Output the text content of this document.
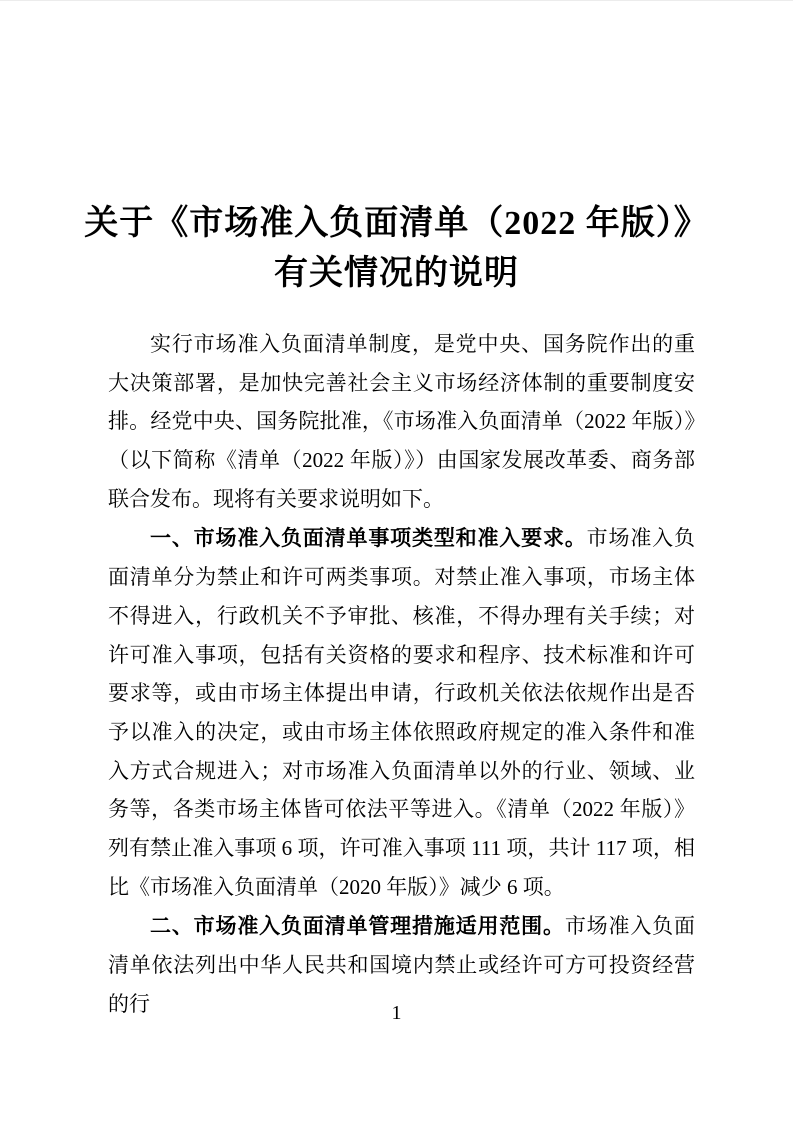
关于《市场准入负面清单（2022 年版）》
有关情况的说明

实行市场准入负面清单制度，是党中央、国务院作出的重大决策部署，是加快完善社会主义市场经济体制的重要制度安排。经党中央、国务院批准，《市场准入负面清单（2022 年版）》（以下简称《清单（2022 年版）》）由国家发展改革委、商务部联合发布。现将有关要求说明如下。

一、市场准入负面清单事项类型和准入要求。市场准入负面清单分为禁止和许可两类事项。对禁止准入事项，市场主体不得进入，行政机关不予审批、核准，不得办理有关手续；对许可准入事项，包括有关资格的要求和程序、技术标准和许可要求等，或由市场主体提出申请，行政机关依法依规作出是否予以准入的决定，或由市场主体依照政府规定的准入条件和准入方式合规进入；对市场准入负面清单以外的行业、领域、业务等，各类市场主体皆可依法平等进入。《清单（2022 年版）》列有禁止准入事项 6 项，许可准入事项 111 项，共计 117 项，相比《市场准入负面清单（2020 年版）》减少 6 项。

二、市场准入负面清单管理措施适用范围。市场准入负面清单依法列出中华人民共和国境内禁止或经许可方可投资经营的行	1
